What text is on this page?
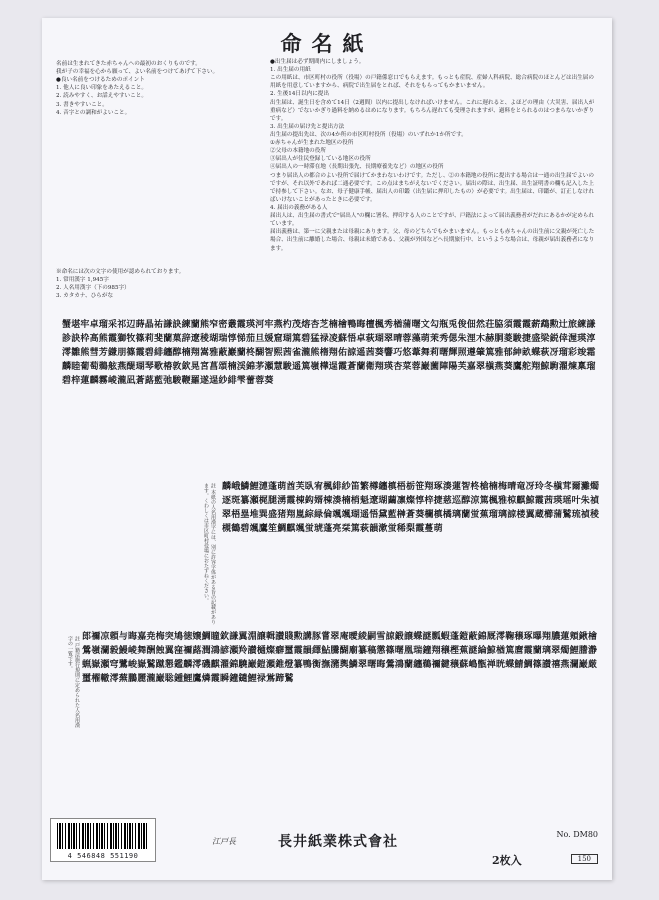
命名紙
名前は生まれてきた赤ちゃんへの最初のおくりものです。
我が子の幸福を心から願って、よい名前をつけてあげて下さい。
●良い名前をつけるためのポイント
1. 他人に良い印象をあたえること。
2. 読みやすく、お話えやすいこと。
3. 書きやすいこと。
4. 音字との調和がよいこと。
●出生届は必ず期間内にしましょう。
1. 出生届の用紙
この用紙は、市区町村の役所（役場）の戸籍係窓口でもらえます。もっとも産院、産婦人科病院、総合病院のほとんどは出生届の用紙を用意していますから、病院で出生届をとれば、それをもらってもかまいません。
2. 生後14日以内に提出
出生届は、誕生日を含めて14日（2週間）以内に提出しなければいけません。これに遅れると、よほどの理由（大災害、届出人が重病など）でないかぎり過料を納めるはめになります。もちろん遅れても受理されますが、過料をとられるのはつまらないかぎりです。
3. 出生届の届け先と提出方法
出生届の提出先は、次の4か所の市区町村役所（役場）のいずれか1か所です。
①赤ちゃんが生まれた地区の役所
②父母の本籍地の役所
③届出人が住民登録している地区の役所
④届出人の一時滞在地（長期出張先、長期療養先など）の地区の役所
つまり届出人の都合のよい役所で届けてかまわないわけです。ただし、②の本籍地の役所に提出する場合は一通の出生届でよいのですが、それ以外であれば二通必要です。この点はまちがえないでください。届出の際は、出生届、出生証明書の欄も記入した上で持参して下さい。なお、母子健康手帳、届出人の印鑑（出生届に押印したもの）が必要です。出生届は、印鑑が、訂正しなければいけないことがあったときに必要です。
4. 届出の義務がある人
届出人は、出生届の書式で"届出人"の欄に署名、押印する人のことですが、戸籍法によって届出義務者がだれにあるかが定められています。
届出義務は、第一に父親または母親にあります。父、母のどちらでもかまいません。もっとも赤ちゃんの出生前に父親が死亡した場合、出生前に離婚した場合、母親は未婚である、父親が外国などへ長期旅行中、というような場合は、母親が届出義務者になります。
※命名には次の文字の使用が認められております。
1. 常用漢字 1,945字
2. 人名用漢字（下の985字）
3. カタカナ、ひらがな
蟹堪牢卓瑠采祁辺蒔晶祐謙訣練蘭熊窄密叢霞瑛河牢燕杓茂熔杏芝楠檜鴨晦檀楓秀楢蒲曙文勾瓶兎俊佃然荘脇須霞霞薪鵡勲辻旅練謙診訣枠高熊霞獅牧篠莉斐蘭菓辞遼稜瑚瑞惇悌茄旦媛窟瑚篤碧猛禄凌蘇悟卓萩瑚翠晴蓉藻萌茉秀偲朱浬木赫胴菱駿捷盛梁鋭倖渥瑛淳澪雛熊彗芳鎌朋篠霞碧緋纏醇楠翔嵩雅蔽巖蘭柊醐智熙茜雀瀧熊楕翔佑諒遥茜葵響巧悠葦舞莉曙輝照遵肇篤雅郁紳畝蝶萩冴瑠彩竣霜麟睦葡萄鵜舷燕醍瑚琴歌椿敦欽晃宮菖頌楠渓錦茅瀬慧駿遥篤嶺樺逞霞蒼蘭衛翔瑛杏菜蓉巌薗陣陽芙嘉翠槇燕葵鷹舵翔鯨駒濯煉稟瑠碧梓蓮麟霧崚瀧凪蒼蕗藍弛駿鞭羅遂逞紗緋雫蕾蓉葵
註 本紙の人名用漢字には、別に許容字体がある旨の記載があります。くわしくは市区町村役場におたずねください。	麟峨鱗鯉漣蓬萌酋芙臥宥楓緋紗笛繁樽纏槙梧栃笹翔琢湊蓮智柊槍楠梅晴竜冴玲冬槇茸爾灘燭逐斑纂瀬梶腿湧霞棟鈎婿棟湊楠梢魁遼瑚繭凛燦惇梓捷慈巡醇涼篤楓雅椋麒鯨霞茜瑛瑶叶朱禎翠梧塁堆巽盛猪翔嵐綜緑倫颯颯瑚遥悟黛藍榊蒼葵欄槙橘璃蘭蛍蕉瑠璃諒楼翼蔵櫛蒲鷲琉禎稜槻鶴碧颯鷹笙鯛麒颯蛍琥蓬亮栞篤萩韻漱蛍稀梨霞蔓萌
註 戸籍法施行規則に定められた人名用漢字の一覧です。	郎禰凉頼与晦嘉尭梅突鳩徳嬢鯛瞳欽謙翼淵譲輯讃賤勲講豚嘗翠庵曖綾嗣雪諒鍛譲蝶謎瓢蝦蓬鎧蔽錦厩澪鞠穣琢曝翔膿蓮頬鍬檜鶯嶺瀾毅鰻崚舞酬蝕翼窪禰蕗潤鴻諺瀬羚讃樋燦癖璽霞韻繹鮎騰醐廟纂稿懲篠曙凰瑞鐘翔穣樫蕉謎綸鯨楢篤麿霞蘭璃翠燭鯉謄瀞蝋嶽瀬穹鷺峻嶽鷲蹴懇鑑麟澪磯麒濯錦驍巌鎧瀬錐燈纂鴨衡撫瀦輿鱗翠曙晦鶯鴻蘭纏鵜禰鍵穣蘇嶋甑禅晄蝶鯖鯛篠讃禧燕瀾巌厳璽櫂轍澪蕪鵬麗瀧巌聡鍾鯉鷹燐霞瞬鐘鑓鯉禄鴬蹄鷲
4 546848 551190
江戸長	長井紙業株式會社	No. DM80
2枚入	150
